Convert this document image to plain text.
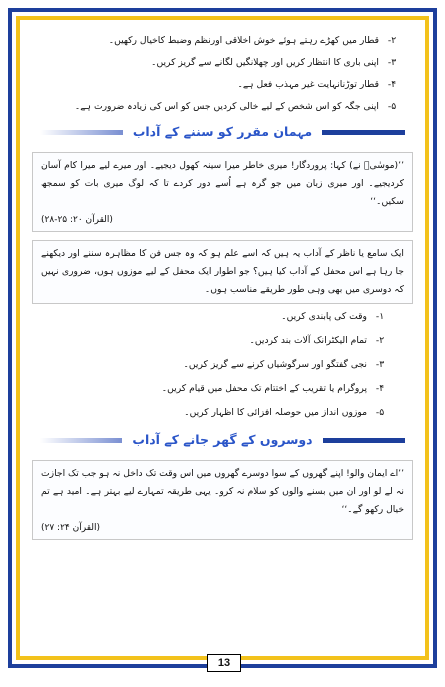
۲-
قطار میں کھڑے رہتے ہوئے خوش اخلاقی اورنظم وضبط کاخیال رکھیں۔
۳-
اپنی باری کا انتظار کریں اور چھلانگیں لگانے سے گریز کریں۔
۴-
قطار توڑنانہایت غیر مہذب فعل ہے۔
۵-
اپنی جگہ کو اس شخص کے لیے خالی کردیں جس کو اس کی زیادہ ضرورت ہے۔
مہمان مقرر کو سننے کے آداب

’’(موسٰیؑ نے) کہا: پروردگار! میری خاطر میرا سینہ کھول دیجیے۔ اور میرے لیے میرا کام آسان کردیجیے۔ اور میری زبان میں جو گرہ ہے اُسے دور کردے تا کہ لوگ میری بات کو سمجھ سکیں۔‘‘

(القرآن ۲۰: ۲۵-۲۸)

ایک سامع یا ناظر کے آداب یہ ہیں کہ اسے علم ہو کہ وہ جس فن کا مظاہرہ سننے اور دیکھنے جا رہا ہے اس محفل کے آداب کیا ہیں؟ جو اطوار ایک محفل کے لیے موزوں ہوں، ضروری نہیں کہ دوسری میں بھی وہی طور طریقے مناسب ہوں۔

۱-
وقت کی پابندی کریں۔
۲-
تمام الیکٹرانک آلات بند کردیں۔
۳-
نجی گفتگو اور سرگوشیاں کرنے سے گریز کریں۔
۴-
پروگرام یا تقریب کے اختتام تک محفل میں قیام کریں۔
۵-
موزوں انداز میں حوصلہ افزائی کا اظہار کریں۔
دوسروں کے گھر جانے کے آداب

’’اے ایمان والو! اپنے گھروں کے سوا دوسرے گھروں میں اس وقت تک داخل نہ ہو جب تک اجازت نہ لے لو اور ان میں بسنے والوں کو سلام نہ کرو۔ یہی طریقہ تمہارے لیے بہتر ہے۔ امید ہے تم خیال رکھو گے۔‘‘

(القرآن ۲۴: ۲۷)
13
